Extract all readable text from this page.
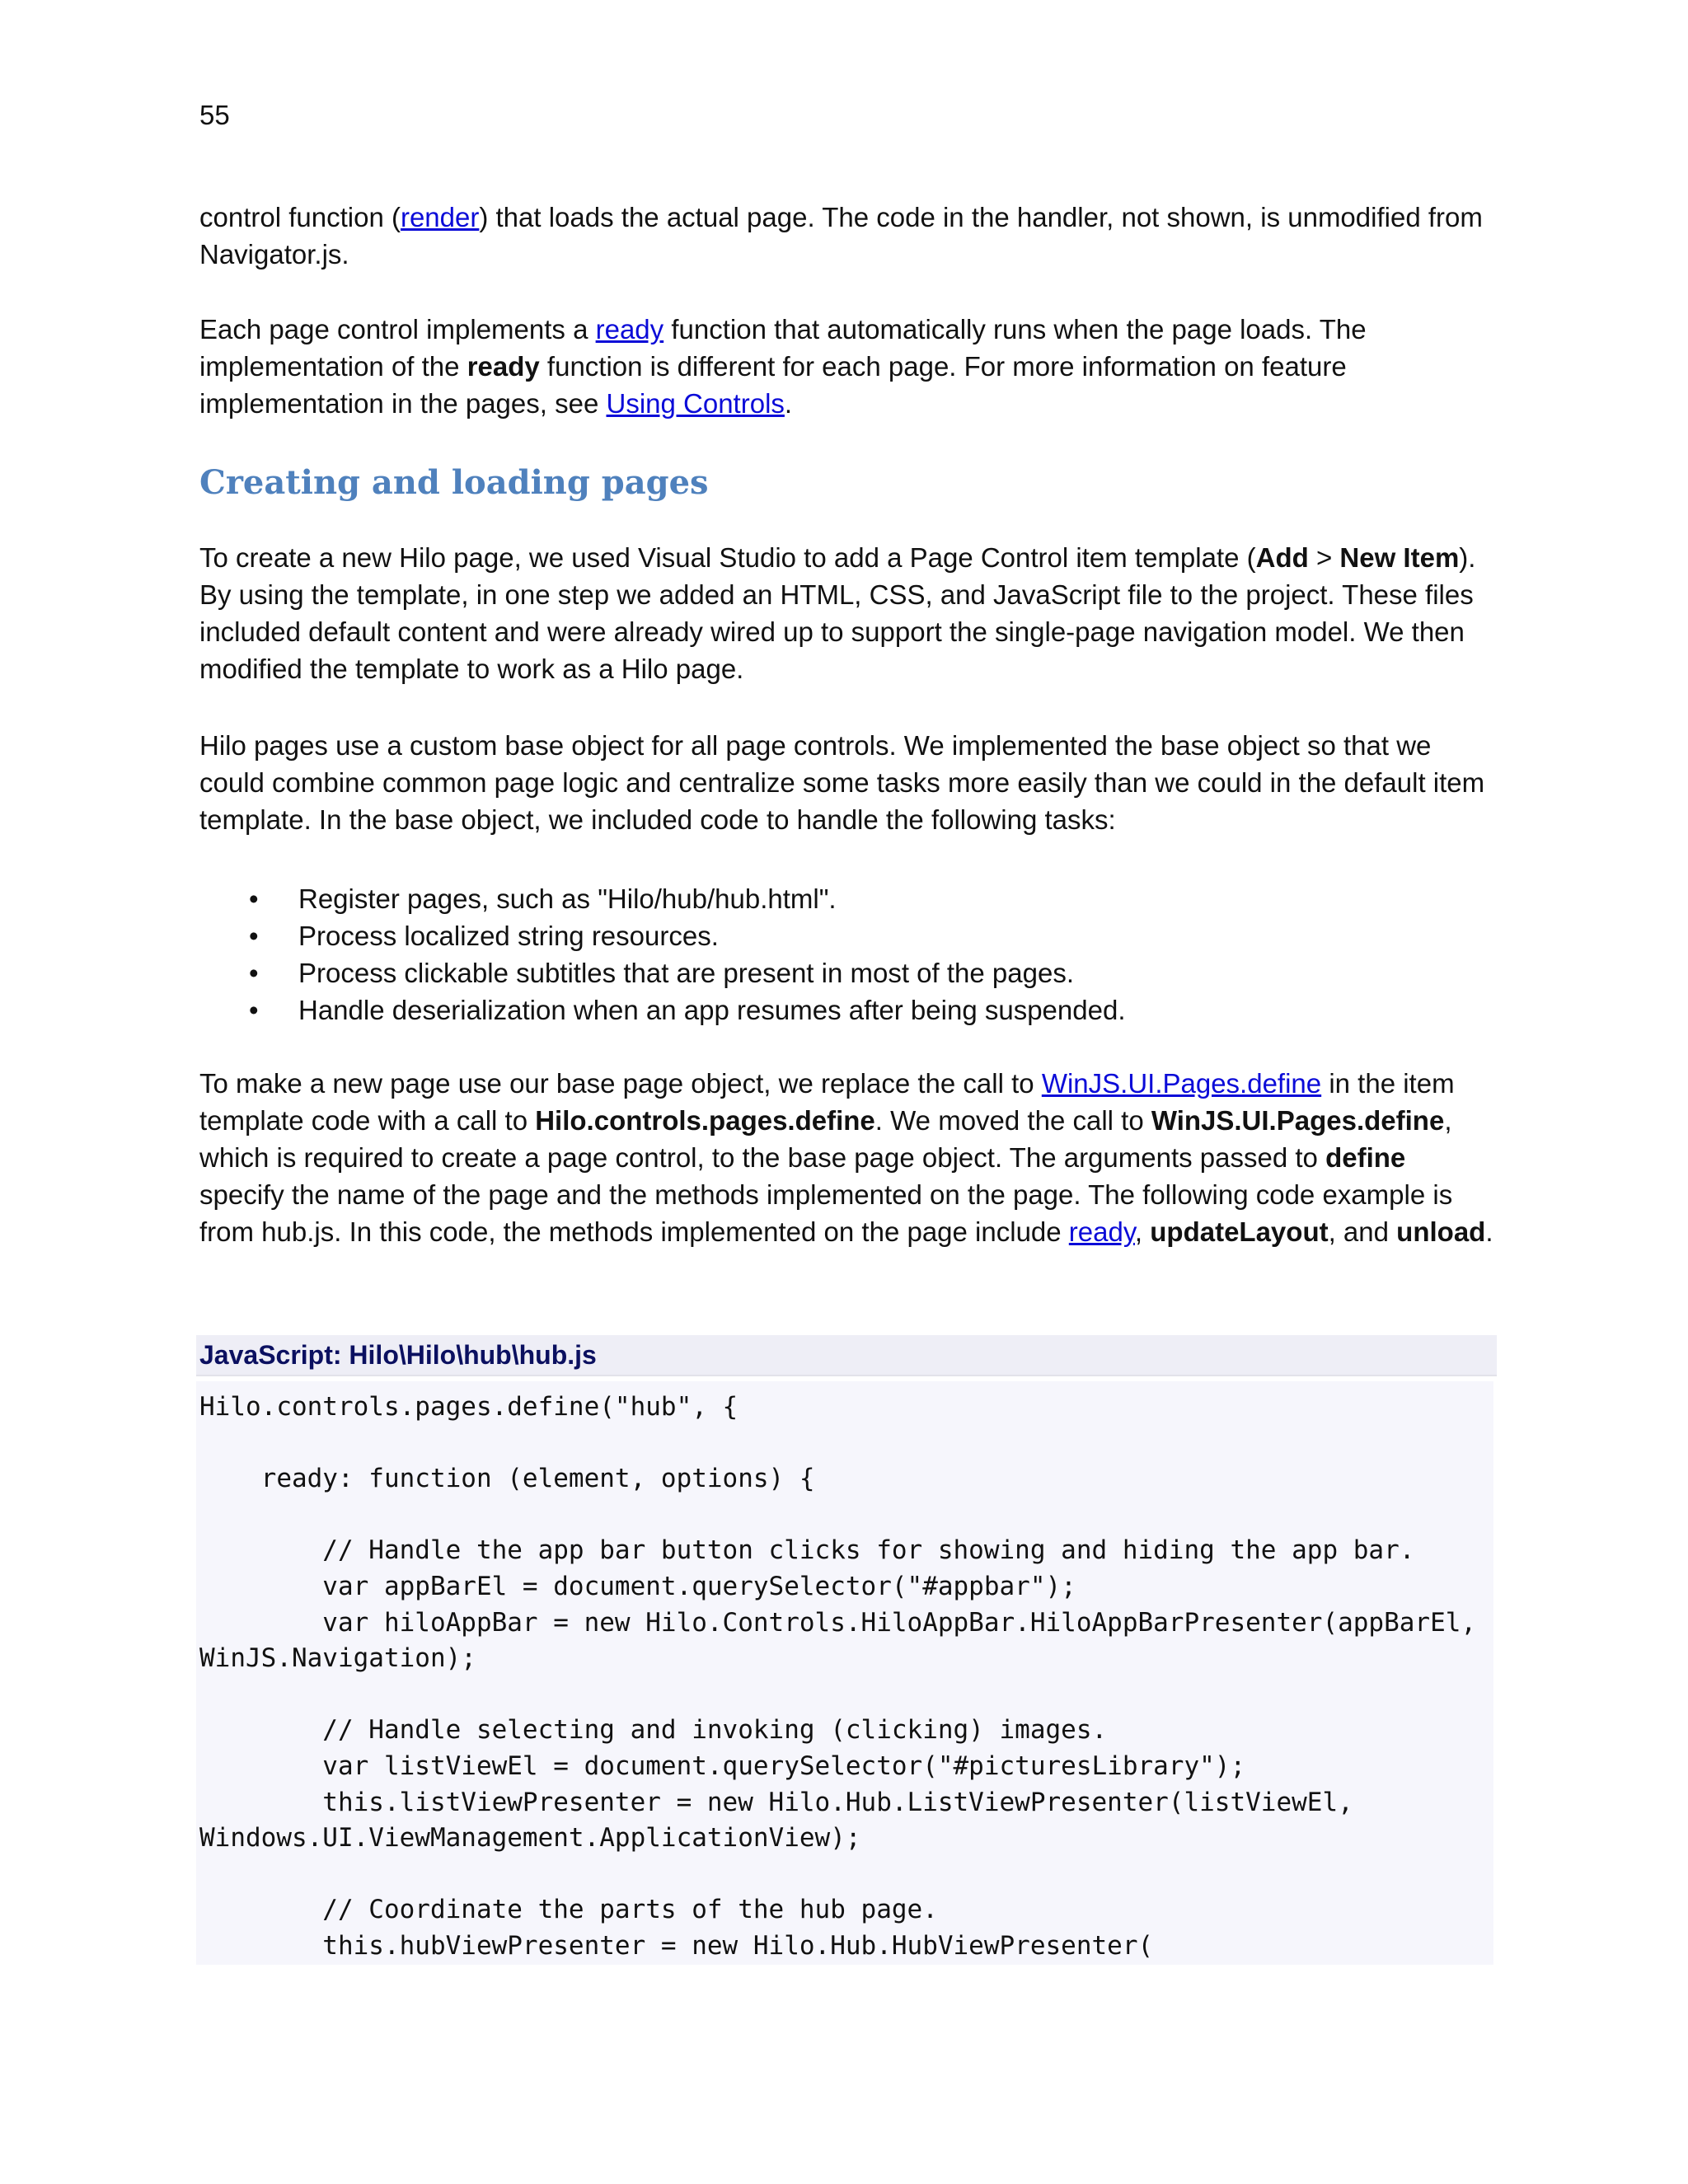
55

control function (render) that loads the actual page. The code in the handler, not shown, is unmodified from Navigator.js.

Each page control implements a ready function that automatically runs when the page loads. The implementation of the ready function is different for each page. For more information on feature implementation in the pages, see Using Controls.

Creating and loading pages

To create a new Hilo page, we used Visual Studio to add a Page Control item template (Add > New Item). By using the template, in one step we added an HTML, CSS, and JavaScript file to the project. These files included default content and were already wired up to support the single-page navigation model. We then modified the template to work as a Hilo page.

Hilo pages use a custom base object for all page controls. We implemented the base object so that we could combine common page logic and centralize some tasks more easily than we could in the default item template. In the base object, we included code to handle the following tasks:

• Register pages, such as "Hilo/hub/hub.html".
• Process localized string resources.
• Process clickable subtitles that are present in most of the pages.
• Handle deserialization when an app resumes after being suspended.

To make a new page use our base page object, we replace the call to WinJS.UI.Pages.define in the item template code with a call to Hilo.controls.pages.define. We moved the call to WinJS.UI.Pages.define, which is required to create a page control, to the base page object. The arguments passed to define specify the name of the page and the methods implemented on the page. The following code example is from hub.js. In this code, the methods implemented on the page include ready, updateLayout, and unload.

JavaScript: Hilo\Hilo\hub\hub.js
Hilo.controls.pages.define("hub", {
ready: function (element, options) {
// Handle the app bar button clicks for showing and hiding the app bar.
var appBarEl = document.querySelector("#appbar");
var hiloAppBar = new Hilo.Controls.HiloAppBar.HiloAppBarPresenter(appBarEl,
WinJS.Navigation);
// Handle selecting and invoking (clicking) images.
var listViewEl = document.querySelector("#picturesLibrary");
this.listViewPresenter = new Hilo.Hub.ListViewPresenter(listViewEl,
Windows.UI.ViewManagement.ApplicationView);
// Coordinate the parts of the hub page.
this.hubViewPresenter = new Hilo.Hub.HubViewPresenter(
